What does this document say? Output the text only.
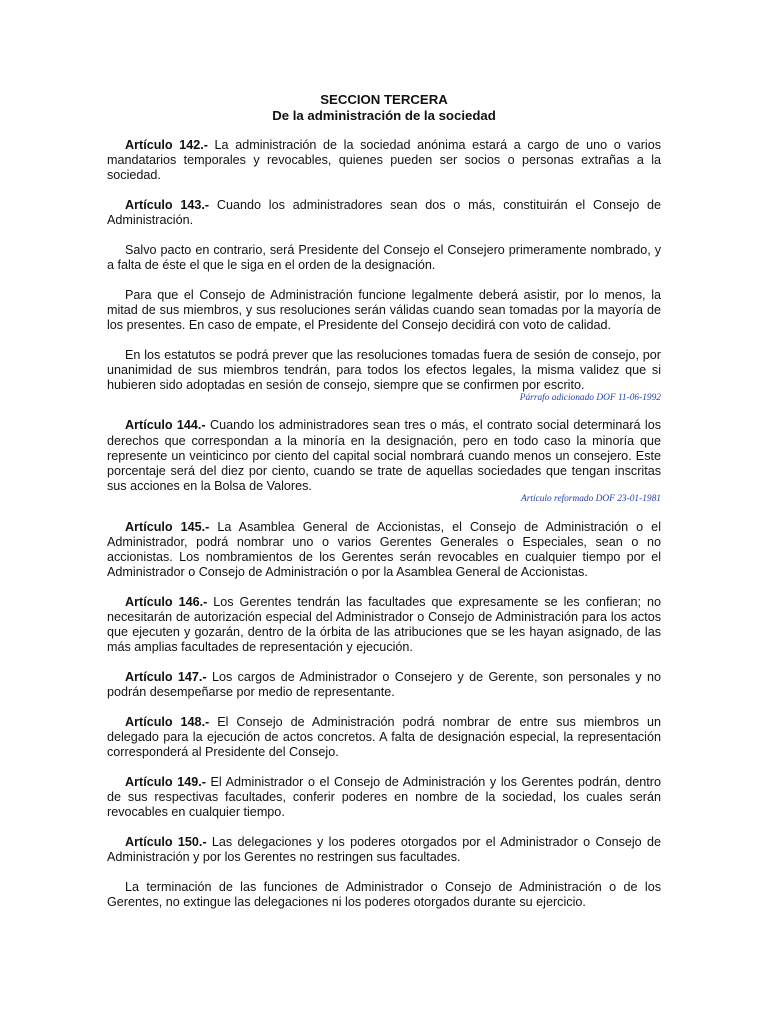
SECCION TERCERA

De la administración de la sociedad

Artículo 142.- La administración de la sociedad anónima estará a cargo de uno o varios mandatarios temporales y revocables, quienes pueden ser socios o personas extrañas a la sociedad.

Artículo 143.- Cuando los administradores sean dos o más, constituirán el Consejo de Administración.

Salvo pacto en contrario, será Presidente del Consejo el Consejero primeramente nombrado, y a falta de éste el que le siga en el orden de la designación.

Para que el Consejo de Administración funcione legalmente deberá asistir, por lo menos, la mitad de sus miembros, y sus resoluciones serán válidas cuando sean tomadas por la mayoría de los presentes. En caso de empate, el Presidente del Consejo decidirá con voto de calidad.

En los estatutos se podrá prever que las resoluciones tomadas fuera de sesión de consejo, por unanimidad de sus miembros tendrán, para todos los efectos legales, la misma validez que si hubieren sido adoptadas en sesión de consejo, siempre que se confirmen por escrito.

Párrafo adicionado DOF 11-06-1992

Artículo 144.- Cuando los administradores sean tres o más, el contrato social determinará los derechos que correspondan a la minoría en la designación, pero en todo caso la minoría que represente un veinticinco por ciento del capital social nombrará cuando menos un consejero. Este porcentaje será del diez por ciento, cuando se trate de aquellas sociedades que tengan inscritas sus acciones en la Bolsa de Valores.

Artículo reformado DOF 23-01-1981

Artículo 145.- La Asamblea General de Accionistas, el Consejo de Administración o el Administrador, podrá nombrar uno o varios Gerentes Generales o Especiales, sean o no accionistas. Los nombramientos de los Gerentes serán revocables en cualquier tiempo por el Administrador o Consejo de Administración o por la Asamblea General de Accionistas.

Artículo 146.- Los Gerentes tendrán las facultades que expresamente se les confieran; no necesitarán de autorización especial del Administrador o Consejo de Administración para los actos que ejecuten y gozarán, dentro de la órbita de las atribuciones que se les hayan asignado, de las más amplias facultades de representación y ejecución.

Artículo 147.- Los cargos de Administrador o Consejero y de Gerente, son personales y no podrán desempeñarse por medio de representante.

Artículo 148.- El Consejo de Administración podrá nombrar de entre sus miembros un delegado para la ejecución de actos concretos. A falta de designación especial, la representación corresponderá al Presidente del Consejo.

Artículo 149.- El Administrador o el Consejo de Administración y los Gerentes podrán, dentro de sus respectivas facultades, conferir poderes en nombre de la sociedad, los cuales serán revocables en cualquier tiempo.

Artículo 150.- Las delegaciones y los poderes otorgados por el Administrador o Consejo de Administración y por los Gerentes no restringen sus facultades.

La terminación de las funciones de Administrador o Consejo de Administración o de los Gerentes, no extingue las delegaciones ni los poderes otorgados durante su ejercicio.
